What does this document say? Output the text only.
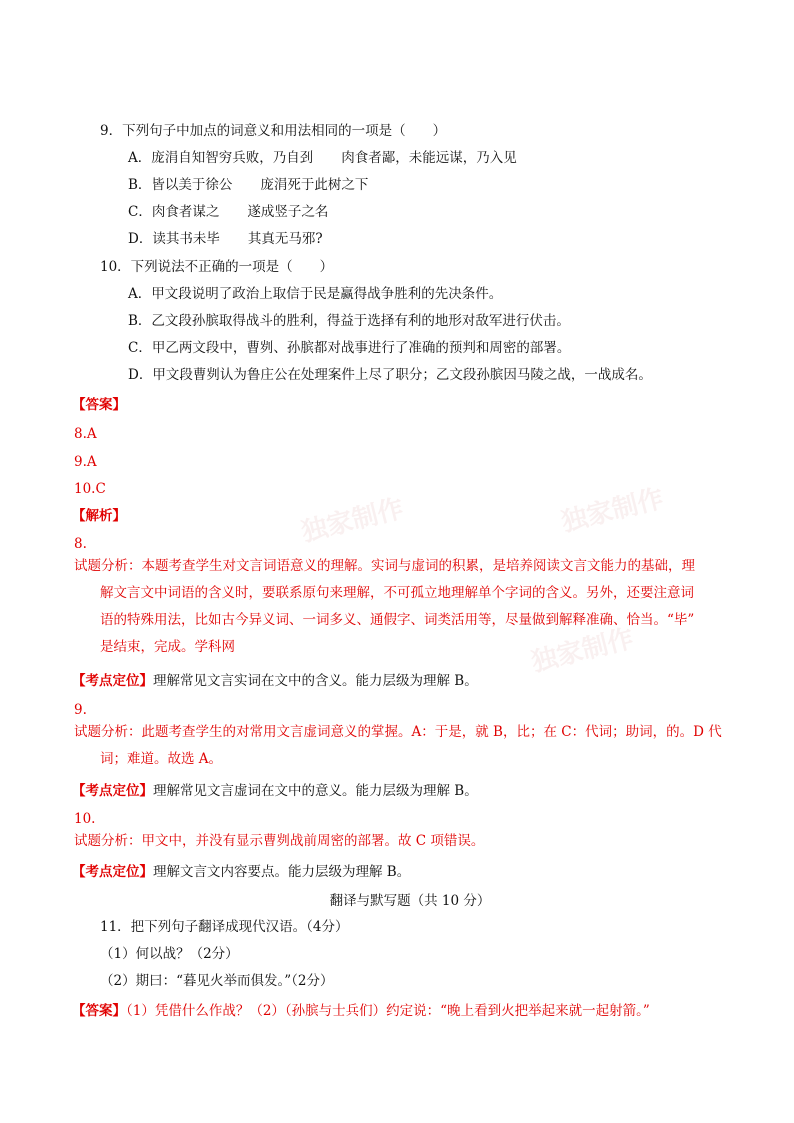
独家制作	独家制作
独家制作
9．下列句子中加点的词意义和用法相同的一项是（　　）
A．庞涓自知智穷兵败，乃自刭 肉食者鄙，未能远谋，乃入见
B．皆以美于徐公 庞涓死于此树之下
C．肉食者谋之 遂成竖子之名
D．读其书未毕 其真无马邪?
10．下列说法不正确的一项是（　　）
A．甲文段说明了政治上取信于民是赢得战争胜利的先决条件。
B．乙文段孙膑取得战斗的胜利，得益于选择有利的地形对敌军进行伏击。
C．甲乙两文段中，曹刿、孙膑都对战事进行了准确的预判和周密的部署。
D．甲文段曹刿认为鲁庄公在处理案件上尽了职分；乙文段孙膑因马陵之战，一战成名。
【答案】
8.A
9.A
10.C
【解析】
8.
试题分析：本题考查学生对文言词语意义的理解。实词与虚词的积累，是培养阅读文言文能力的基础，理
解文言文中词语的含义时，要联系原句来理解，不可孤立地理解单个字词的含义。另外，还要注意词
语的特殊用法，比如古今异义词、一词多义、通假字、词类活用等，尽量做到解释准确、恰当。“毕”
是结束，完成。学科网
【考点定位】理解常见文言实词在文中的含义。能力层级为理解 B。
9.
试题分析：此题考查学生的对常用文言虚词意义的掌握。A：于是，就 B，比；在 C：代词；助词，的。D 代
词；难道。故选 A。
【考点定位】理解常见文言虚词在文中的意义。能力层级为理解 B。
10.
试题分析：甲文中，并没有显示曹刿战前周密的部署。故 C 项错误。
【考点定位】理解文言文内容要点。能力层级为理解 B。
翻译与默写题（共 10 分）
11．把下列句子翻译成现代汉语。（4分）
（1）何以战？（2分）
（2）期曰：“暮见火举而俱发。”（2分）
【答案】（1）凭借什么作战？（2）（孙膑与士兵们）约定说：“晚上看到火把举起来就一起射箭。”
